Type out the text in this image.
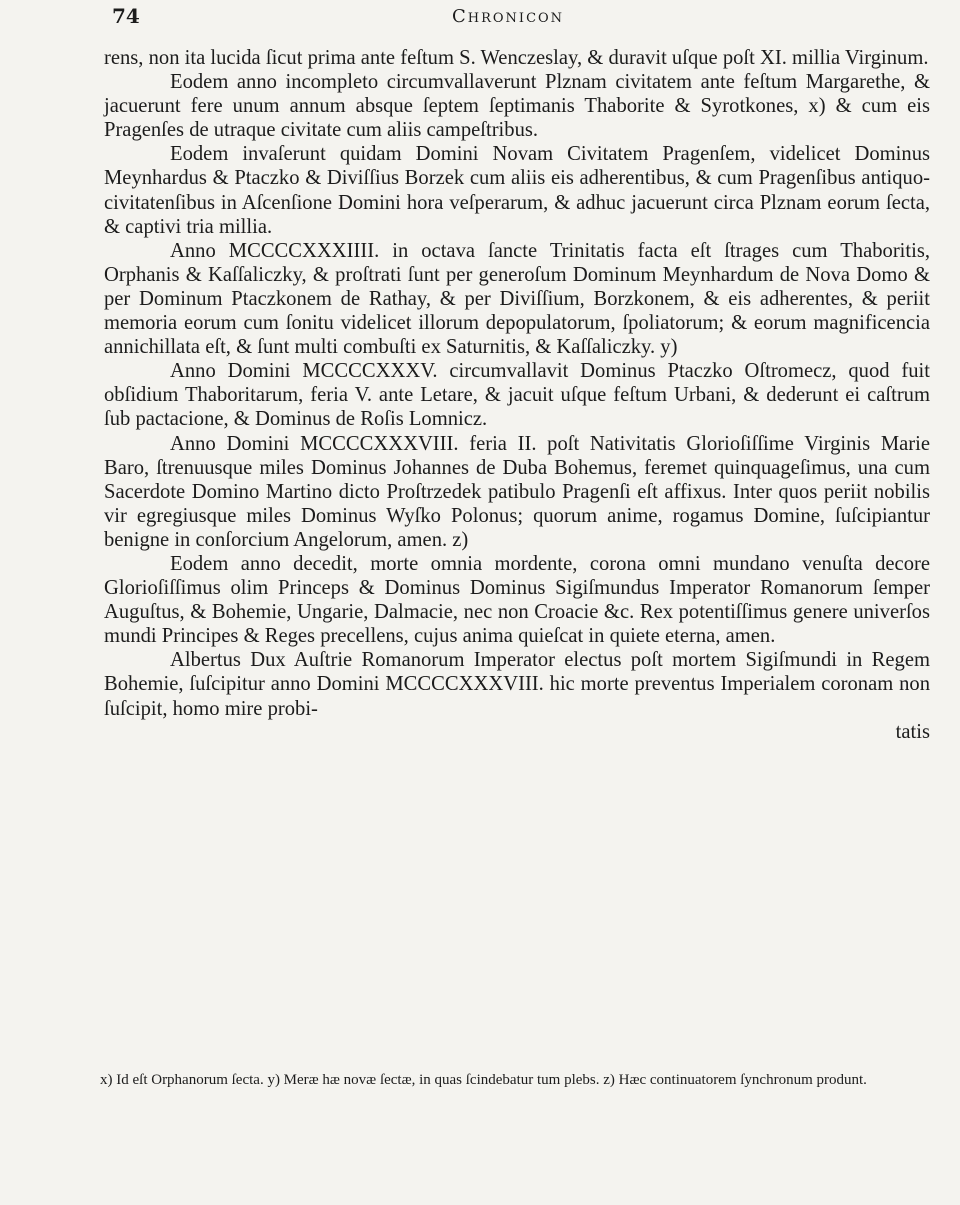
74	Chronicon

rens, non ita lucida ſicut prima ante feſtum S. Wenczeslay, & duravit uſque poſt XI. millia Virginum.

Eodem anno incompleto circumvallaverunt Plznam civitatem ante feſtum Margarethe, & jacuerunt fere unum annum absque ſeptem ſeptimanis Thaborite & Syrotkones, x) & cum eis Pragenſes de utraque civitate cum aliis campeſtribus.

Eodem invaſerunt quidam Domini Novam Civitatem Pragenſem, videlicet Dominus Meynhardus & Ptaczko & Diviſſius Borzek cum aliis eis adherentibus, & cum Pragenſibus antiquo-civitatenſibus in Aſcenſione Domini hora veſperarum, & adhuc jacuerunt circa Plznam eorum ſecta, & captivi tria millia.

Anno MCCCCXXXIIII. in octava ſancte Trinitatis facta eſt ſtrages cum Thaboritis, Orphanis & Kaſſaliczky, & proſtrati ſunt per generoſum Dominum Meynhardum de Nova Domo & per Dominum Ptaczkonem de Rathay, & per Diviſſium, Borzkonem, & eis adherentes, & periit memoria eorum cum ſonitu videlicet illorum depopulatorum, ſpoliatorum; & eorum magnificencia annichillata eſt, & ſunt multi combuſti ex Saturnitis, & Kaſſaliczky. y)

Anno Domini MCCCCXXXV. circumvallavit Dominus Ptaczko Oſtromecz, quod fuit obſidium Thaboritarum, feria V. ante Letare, & jacuit uſque feſtum Urbani, & dederunt ei caſtrum ſub pactacione, & Dominus de Roſis Lomnicz.

Anno Domini MCCCCXXXVIII. feria II. poſt Nativitatis Glorioſiſſime Virginis Marie Baro, ſtrenuusque miles Dominus Johannes de Duba Bohemus, feremet quinquageſimus, una cum Sacerdote Domino Martino dicto Proſtrzedek patibulo Pragenſi eſt affixus. Inter quos periit nobilis vir egregiusque miles Dominus Wyſko Polonus; quorum anime, rogamus Domine, ſuſcipiantur benigne in conſorcium Angelorum, amen. z)

Eodem anno decedit, morte omnia mordente, corona omni mundano venuſta decore Glorioſiſſimus olim Princeps & Dominus Dominus Sigiſmundus Imperator Romanorum ſemper Auguſtus, & Bohemie, Ungarie, Dalmacie, nec non Croacie &c. Rex potentiſſimus genere univerſos mundi Principes & Reges precellens, cujus anima quieſcat in quiete eterna, amen.

Albertus Dux Auſtrie Romanorum Imperator electus poſt mortem Sigiſmundi in Regem Bohemie, ſuſcipitur anno Domini MCCCCXXXVIII. hic morte preventus Imperialem coronam non ſuſcipit, homo mire probi-

tatis

x) Id eſt Orphanorum ſecta. y) Meræ hæ novæ ſectæ, in quas ſcindebatur tum plebs. z) Hæc continuatorem ſynchronum produnt.
